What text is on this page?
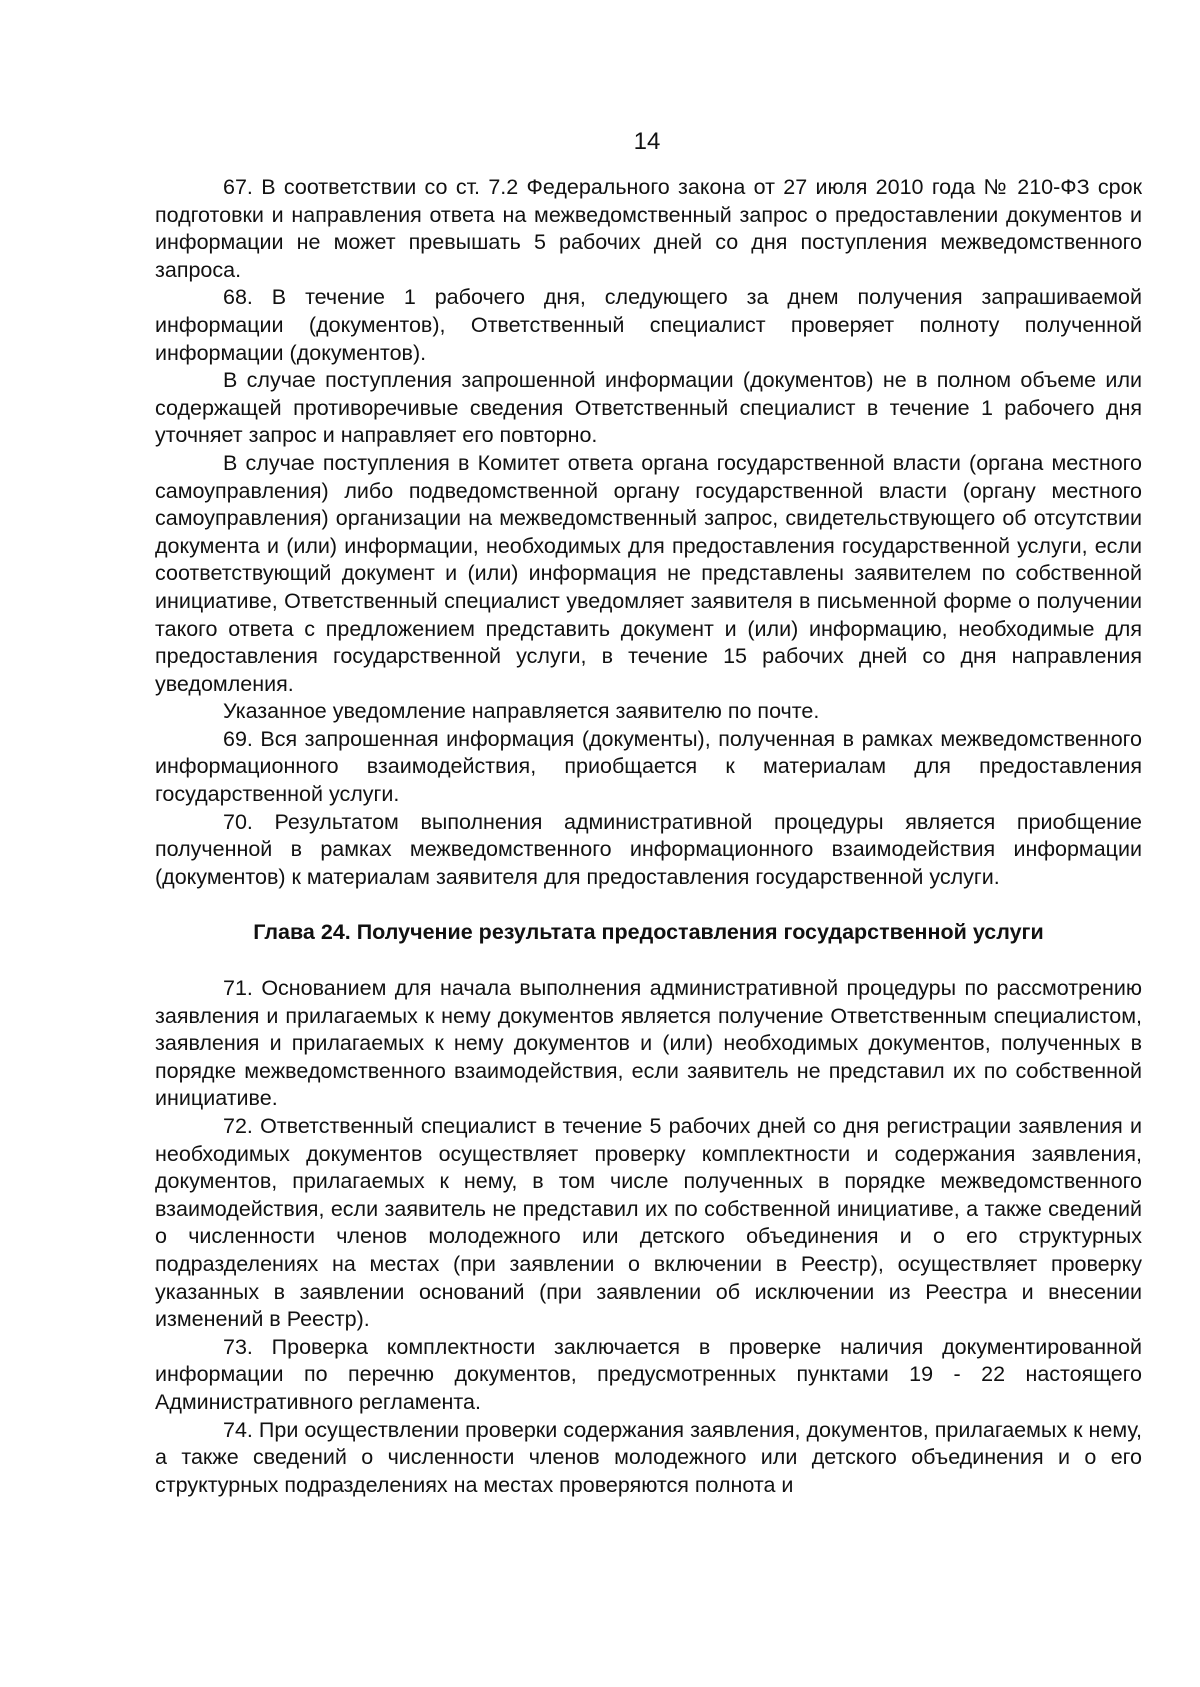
14

67. В соответствии со ст. 7.2 Федерального закона от 27 июля 2010 года № 210-ФЗ срок подготовки и направления ответа на межведомственный запрос о предоставлении документов и информации не может превышать 5 рабочих дней со дня поступления межведомственного запроса.

68. В течение 1 рабочего дня, следующего за днем получения запрашиваемой информации (документов), Ответственный специалист проверяет полноту полученной информации (документов).

В случае поступления запрошенной информации (документов) не в полном объеме или содержащей противоречивые сведения Ответственный специалист в течение 1 рабочего дня уточняет запрос и направляет его повторно.

В случае поступления в Комитет ответа органа государственной власти (органа местного самоуправления) либо подведомственной органу государственной власти (органу местного самоуправления) организации на межведомственный запрос, свидетельствующего об отсутствии документа и (или) информации, необходимых для предоставления государственной услуги, если соответствующий документ и (или) информация не представлены заявителем по собственной инициативе, Ответственный специалист уведомляет заявителя в письменной форме о получении такого ответа с предложением представить документ и (или) информацию, необходимые для предоставления государственной услуги, в течение 15 рабочих дней со дня направления уведомления.

Указанное уведомление направляется заявителю по почте.

69. Вся запрошенная информация (документы), полученная в рамках межведомственного информационного взаимодействия, приобщается к материалам для предоставления государственной услуги.

70. Результатом выполнения административной процедуры является приобщение полученной в рамках межведомственного информационного взаимодействия информации (документов) к материалам заявителя для предоставления государственной услуги.

Глава 24. Получение результата предоставления государственной услуги

71. Основанием для начала выполнения административной процедуры по рассмотрению заявления и прилагаемых к нему документов является получение Ответственным специалистом, заявления и прилагаемых к нему документов и (или) необходимых документов, полученных в порядке межведомственного взаимодействия, если заявитель не представил их по собственной инициативе.

72. Ответственный специалист в течение 5 рабочих дней со дня регистрации заявления и необходимых документов осуществляет проверку комплектности и содержания заявления, документов, прилагаемых к нему, в том числе полученных в порядке межведомственного взаимодействия, если заявитель не представил их по собственной инициативе, а также сведений о численности членов молодежного или детского объединения и о его структурных подразделениях на местах (при заявлении о включении в Реестр), осуществляет проверку указанных в заявлении оснований (при заявлении об исключении из Реестра и внесении изменений в Реестр).

73. Проверка комплектности заключается в проверке наличия документированной информации по перечню документов, предусмотренных пунктами 19 - 22 настоящего Административного регламента.

74. При осуществлении проверки содержания заявления, документов, прилагаемых к нему, а также сведений о численности членов молодежного или детского объединения и о его структурных подразделениях на местах проверяются полнота и
